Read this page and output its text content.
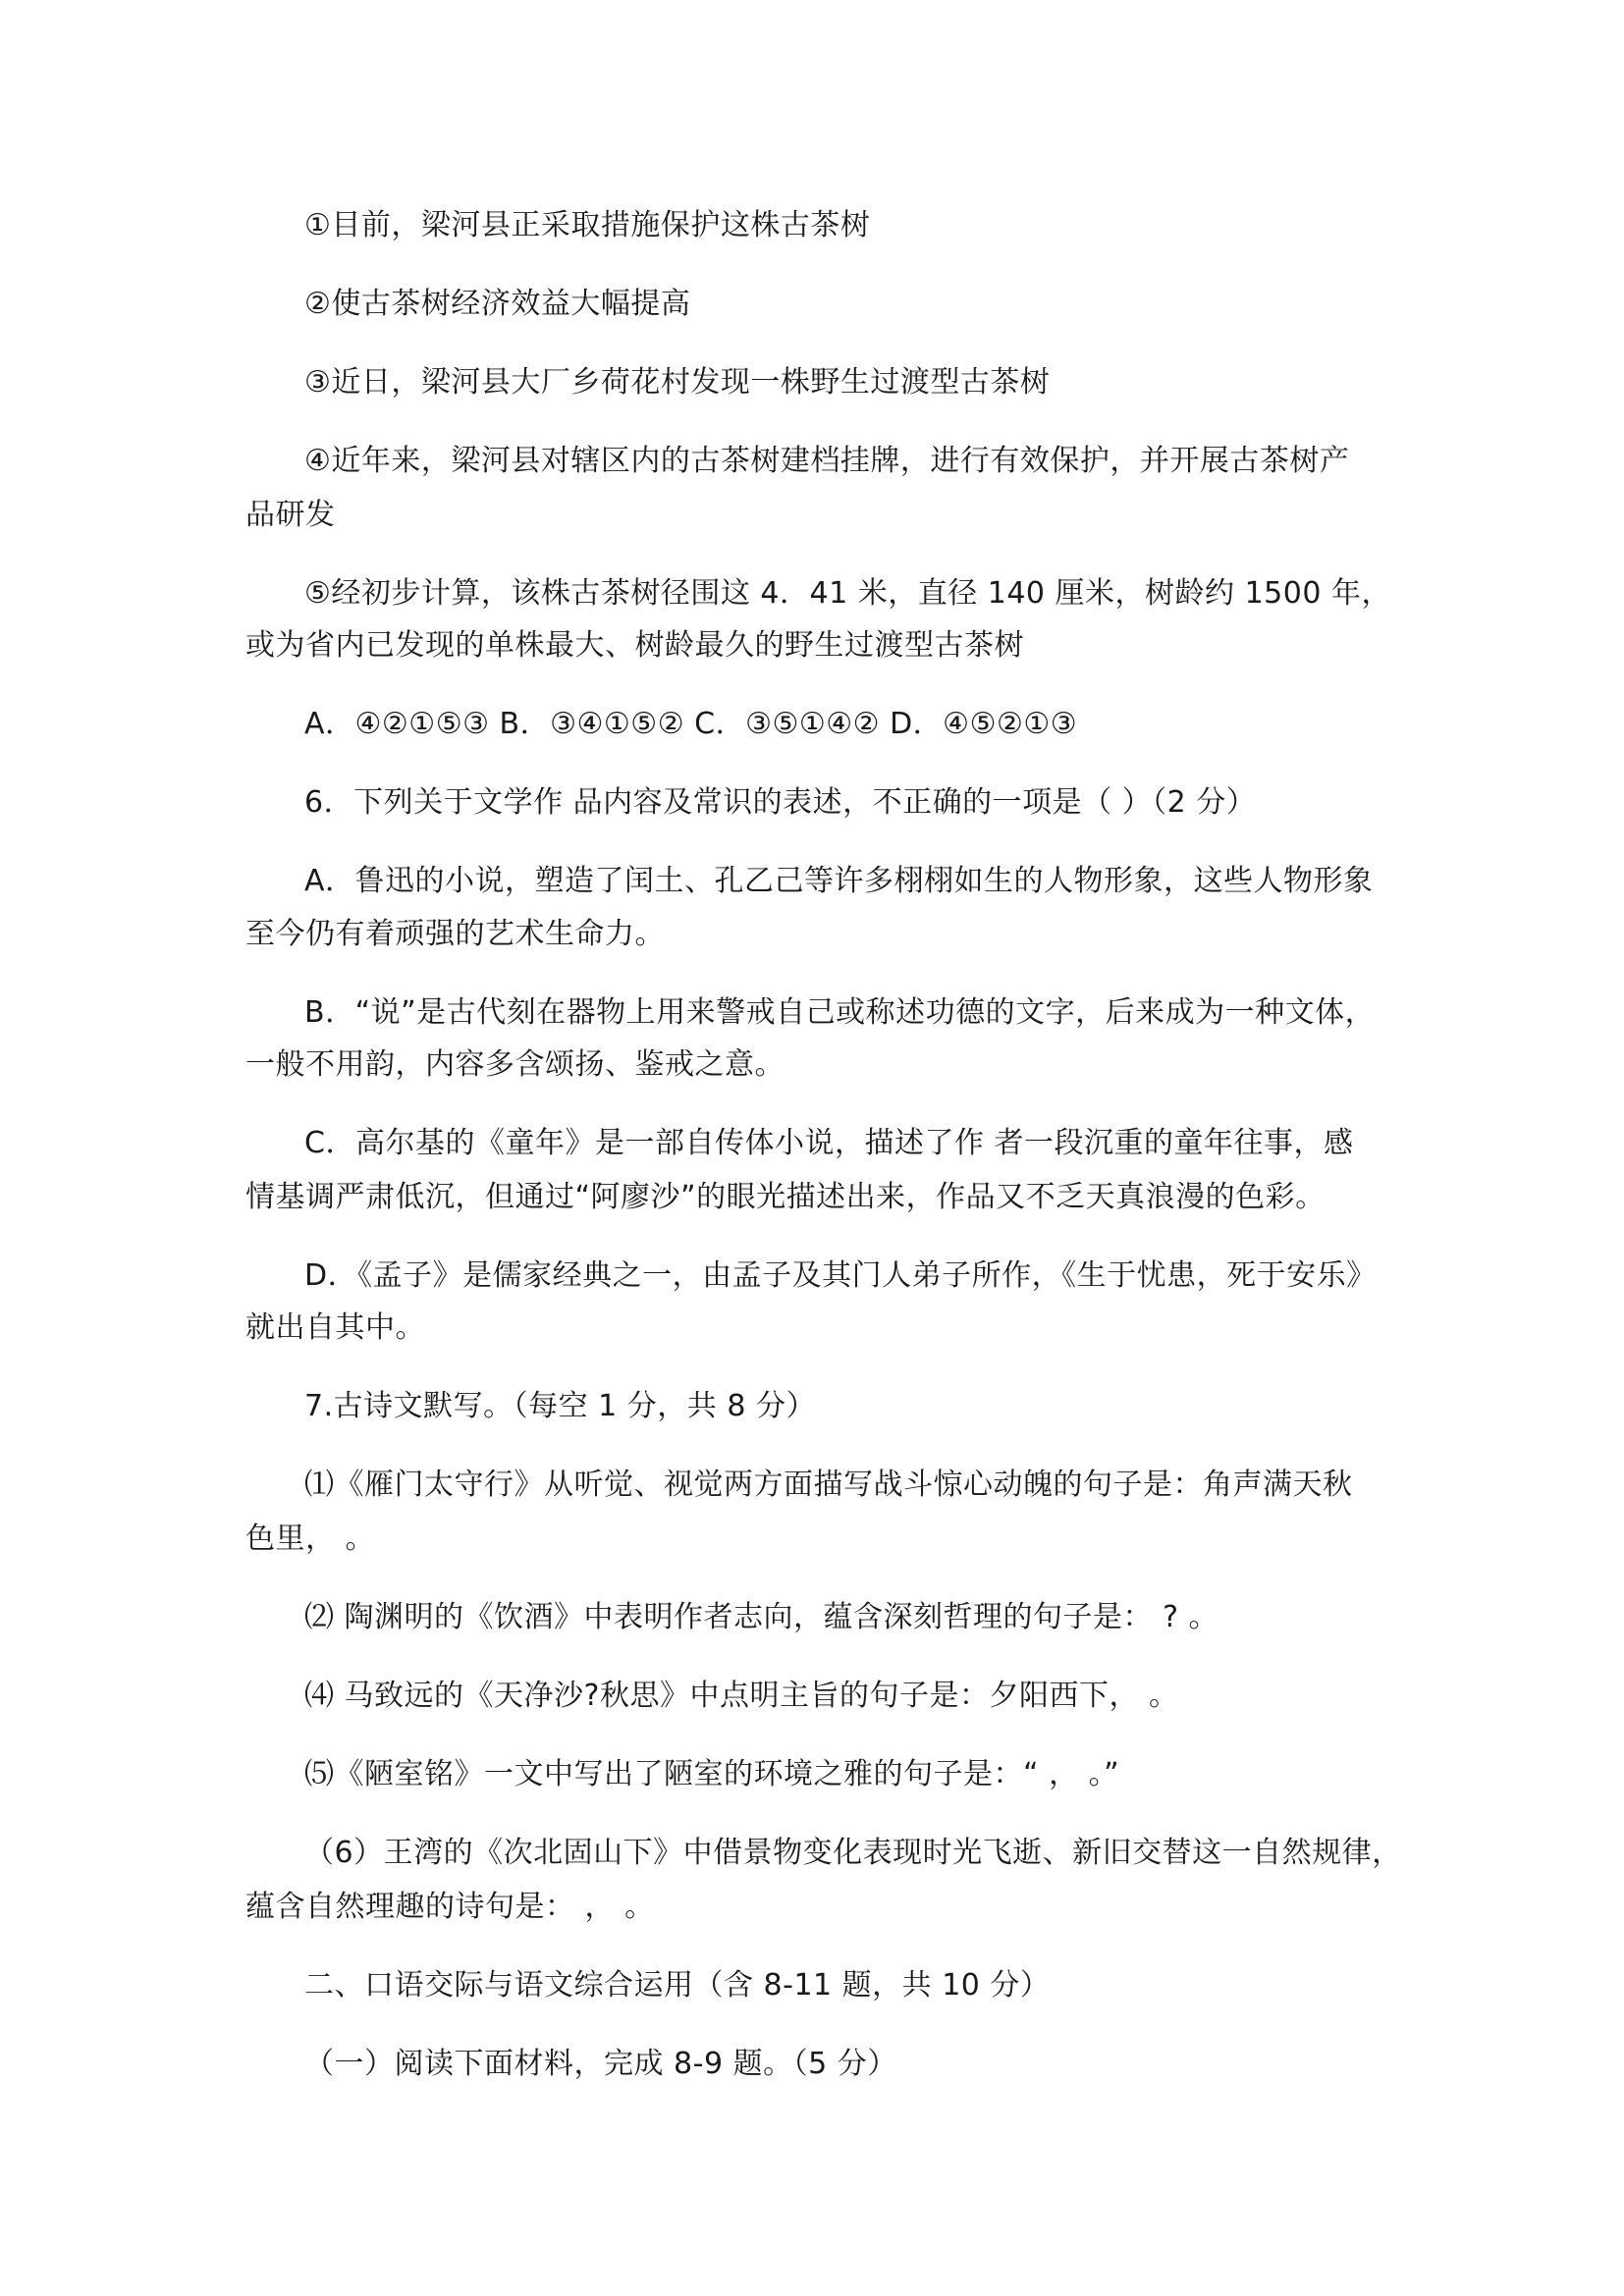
①目前，梁河县正采取措施保护这株古茶树
②使古茶树经济效益大幅提高
③近日，梁河县大厂乡荷花村发现一株野生过渡型古茶树
④近年来，梁河县对辖区内的古茶树建档挂牌，进行有效保护，并开展古茶树产
品研发
⑤经初步计算，该株古茶树径围这 4．41 米，直径 140 厘米，树龄约 1500 年，
或为省内已发现的单株最大、树龄最久的野生过渡型古茶树
A．④②①⑤③ B．③④①⑤② C．③⑤①④② D．④⑤②①③
6．下列关于文学作 品内容及常识的表述，不正确的一项是（ ）（2 分）
A．鲁迅的小说，塑造了闰土、孔乙己等许多栩栩如生的人物形象，这些人物形象
至今仍有着顽强的艺术生命力。
B．“说”是古代刻在器物上用来警戒自己或称述功德的文字，后来成为一种文体，
一般不用韵，内容多含颂扬、鉴戒之意。
C．高尔基的《童年》是一部自传体小说，描述了作 者一段沉重的童年往事，感
情基调严肃低沉，但通过“阿廖沙”的眼光描述出来，作品又不乏天真浪漫的色彩。
D．《孟子》是儒家经典之一，由孟子及其门人弟子所作，《生于忧患，死于安乐》
就出自其中。
7.古诗文默写。（每空 1 分，共 8 分）
⑴《雁门太守行》从听觉、视觉两方面描写战斗惊心动魄的句子是：角声满天秋
色里， 。
⑵ 陶渊明的《饮酒》中表明作者志向，蕴含深刻哲理的句子是： ? 。
⑷ 马致远的《天净沙?秋思》中点明主旨的句子是：夕阳西下， 。
⑸《陋室铭》一文中写出了陋室的环境之雅的句子是：“ ， 。”
（6）王湾的《次北固山下》中借景物变化表现时光飞逝、新旧交替这一自然规律，
蕴含自然理趣的诗句是： ， 。
二、口语交际与语文综合运用（含 8-11 题，共 10 分）
（一）阅读下面材料，完成 8-9 题。（5 分）
